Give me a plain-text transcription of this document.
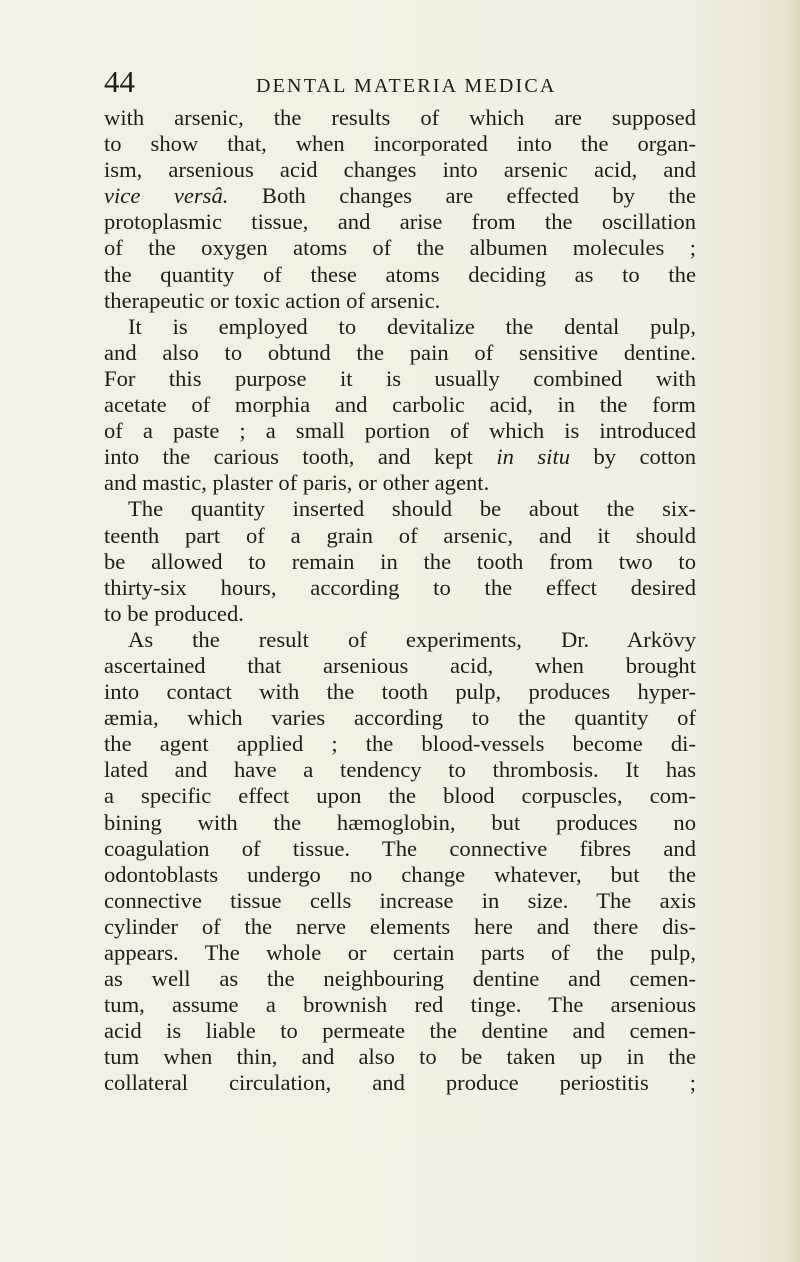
44	DENTAL MATERIA MEDICA
with arsenic, the results of which are supposed
to show that, when incorporated into the organ-
ism, arsenious acid changes into arsenic acid, and
vice versâ. Both changes are effected by the
protoplasmic tissue, and arise from the oscillation
of the oxygen atoms of the albumen molecules ;
the quantity of these atoms deciding as to the
therapeutic or toxic action of arsenic.
It is employed to devitalize the dental pulp,
and also to obtund the pain of sensitive dentine.
For this purpose it is usually combined with
acetate of morphia and carbolic acid, in the form
of a paste ; a small portion of which is introduced
into the carious tooth, and kept in situ by cotton
and mastic, plaster of paris, or other agent.
The quantity inserted should be about the six-
teenth part of a grain of arsenic, and it should
be allowed to remain in the tooth from two to
thirty-six hours, according to the effect desired
to be produced.
As the result of experiments, Dr. Arkövy
ascertained that arsenious acid, when brought
into contact with the tooth pulp, produces hyper-
æmia, which varies according to the quantity of
the agent applied ; the blood-vessels become di-
lated and have a tendency to thrombosis. It has
a specific effect upon the blood corpuscles, com-
bining with the hæmoglobin, but produces no
coagulation of tissue. The connective fibres and
odontoblasts undergo no change whatever, but the
connective tissue cells increase in size. The axis
cylinder of the nerve elements here and there dis-
appears. The whole or certain parts of the pulp,
as well as the neighbouring dentine and cemen-
tum, assume a brownish red tinge. The arsenious
acid is liable to permeate the dentine and cemen-
tum when thin, and also to be taken up in the
collateral circulation, and produce periostitis ;
